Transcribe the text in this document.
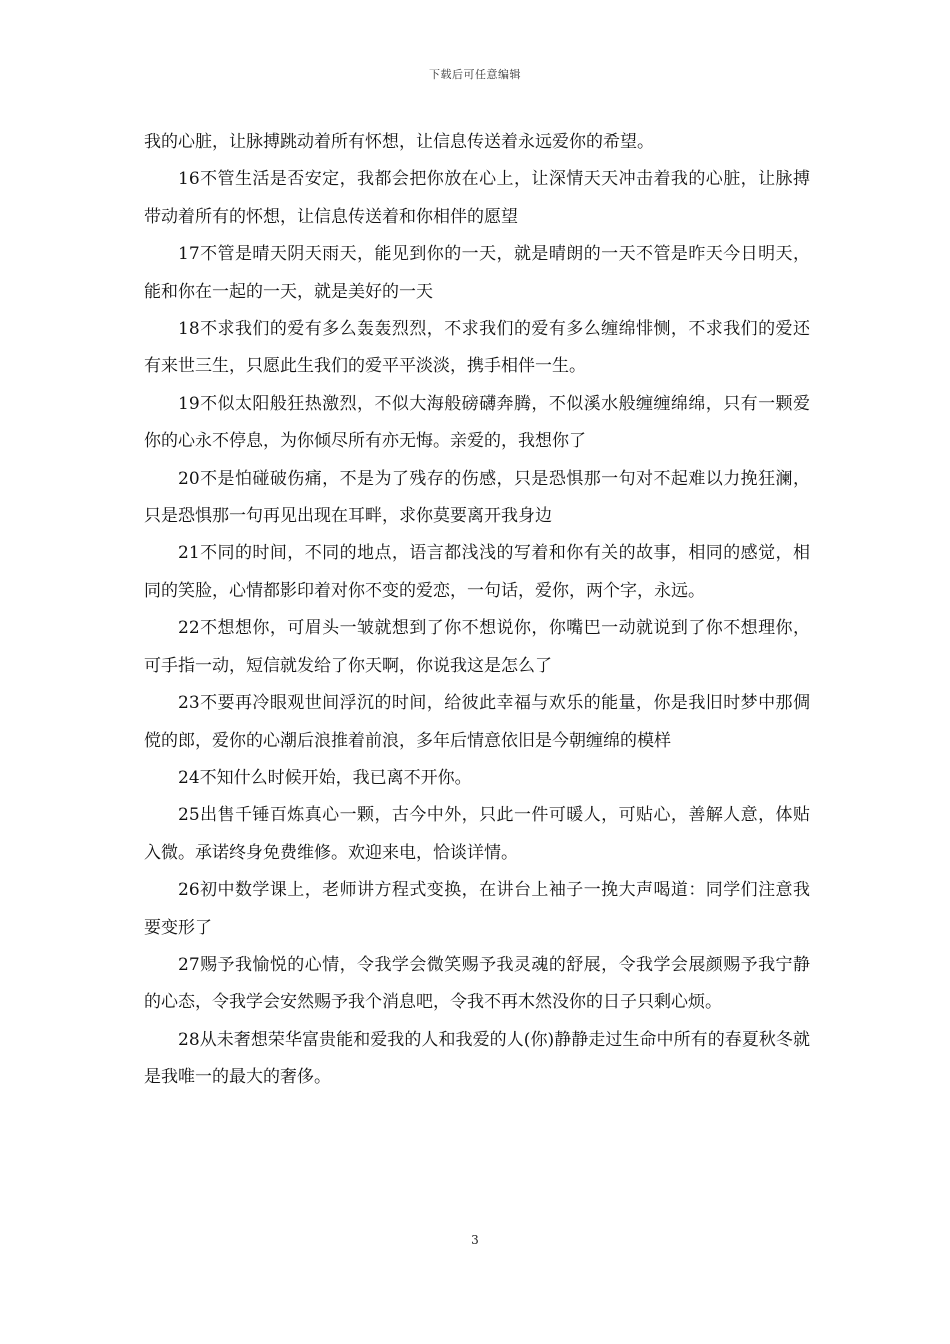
下载后可任意编辑

我的心脏，让脉搏跳动着所有怀想，让信息传送着永远爱你的希望。

16不管生活是否安定，我都会把你放在心上，让深情天天冲击着我的心脏，让脉搏带动着所有的怀想，让信息传送着和你相伴的愿望

17不管是晴天阴天雨天，能见到你的一天，就是晴朗的一天不管是昨天今日明天，能和你在一起的一天，就是美好的一天

18不求我们的爱有多么轰轰烈烈，不求我们的爱有多么缠绵悱恻，不求我们的爱还有来世三生，只愿此生我们的爱平平淡淡，携手相伴一生。

19不似太阳般狂热激烈，不似大海般磅礴奔腾，不似溪水般缠缠绵绵，只有一颗爱你的心永不停息，为你倾尽所有亦无悔。亲爱的，我想你了

20不是怕碰破伤痛，不是为了残存的伤感，只是恐惧那一句对不起难以力挽狂澜，只是恐惧那一句再见出现在耳畔，求你莫要离开我身边

21不同的时间，不同的地点，语言都浅浅的写着和你有关的故事，相同的感觉，相同的笑脸，心情都影印着对你不变的爱恋，一句话，爱你，两个字，永远。

22不想想你，可眉头一皱就想到了你不想说你，你嘴巴一动就说到了你不想理你，可手指一动，短信就发给了你天啊，你说我这是怎么了

23不要再冷眼观世间浮沉的时间，给彼此幸福与欢乐的能量，你是我旧时梦中那倜傥的郎，爱你的心潮后浪推着前浪，多年后情意依旧是今朝缠绵的模样

24不知什么时候开始，我已离不开你。

25出售千锤百炼真心一颗，古今中外，只此一件可暖人，可贴心，善解人意，体贴入微。承诺终身免费维修。欢迎来电，恰谈详情。

26初中数学课上，老师讲方程式变换，在讲台上袖子一挽大声喝道：同学们注意我要变形了

27赐予我愉悦的心情，令我学会微笑赐予我灵魂的舒展，令我学会展颜赐予我宁静的心态，令我学会安然赐予我个消息吧，令我不再木然没你的日子只剩心烦。

28从未奢想荣华富贵能和爱我的人和我爱的人(你)静静走过生命中所有的春夏秋冬就是我唯一的最大的奢侈。

3
